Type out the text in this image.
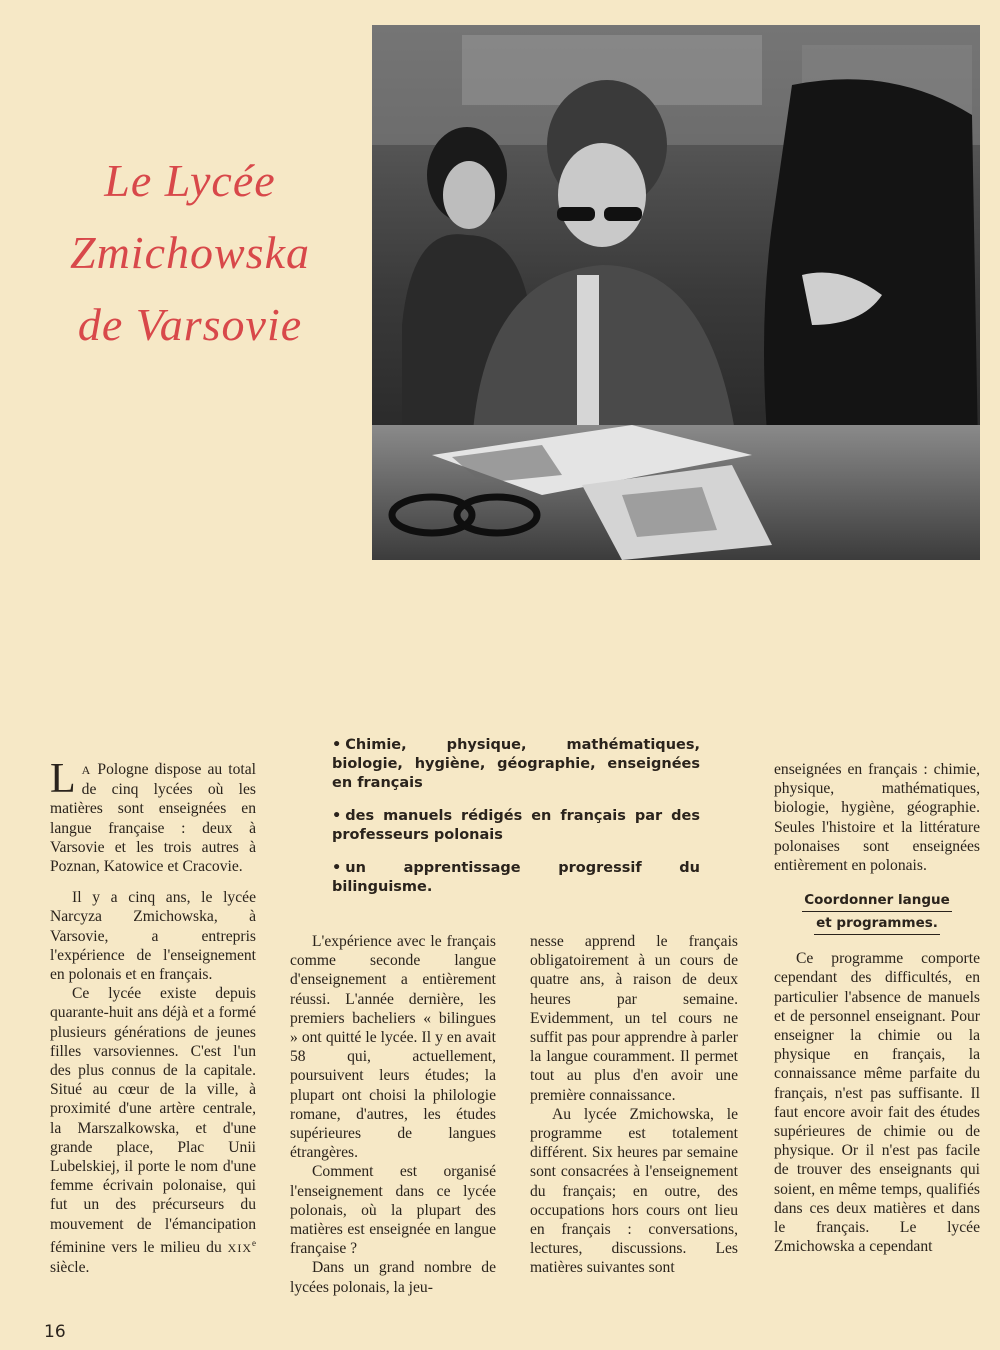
Le Lycée
Zmichowska
de Varsovie

L A Pologne dispose au total de cinq lycées où les matières sont enseignées en langue française : deux à Varsovie et les trois autres à Poznan, Katowice et Cracovie.

Il y a cinq ans, le lycée Narcyza Zmichowska, à Varsovie, a entrepris l'expérience de l'enseignement en polonais et en français.

Ce lycée existe depuis quarante-huit ans déjà et a formé plusieurs générations de jeunes filles varsoviennes. C'est l'un des plus connus de la capitale. Situé au cœur de la ville, à proximité d'une artère centrale, la Marszalkowska, et d'une grande place, Plac Unii Lubelskiej, il porte le nom d'une femme écrivain polonaise, qui fut un des précurseurs du mouvement de l'émancipation féminine vers le milieu du XIXe siècle.

• Chimie, physique, mathématiques, biologie, hygiène, géographie, enseignées en français
• des manuels rédigés en français par des professeurs polonais
• un apprentissage progressif du bilinguisme.

L'expérience avec le français comme seconde langue d'enseignement a entièrement réussi. L'année dernière, les premiers bacheliers « bilingues » ont quitté le lycée. Il y en avait 58 qui, actuellement, poursuivent leurs études; la plupart ont choisi la philologie romane, d'autres, les études supérieures de langues étrangères.

Comment est organisé l'enseignement dans ce lycée polonais, où la plupart des matières est enseignée en langue française ?

Dans un grand nombre de lycées polonais, la jeu-

nesse apprend le français obligatoirement à un cours de quatre ans, à raison de deux heures par semaine. Evidemment, un tel cours ne suffit pas pour apprendre à parler la langue couramment. Il permet tout au plus d'en avoir une première connaissance.

Au lycée Zmichowska, le programme est totalement différent. Six heures par semaine sont consacrées à l'enseignement du français; en outre, des occupations hors cours ont lieu en français : conversations, lectures, discussions. Les matières suivantes sont

enseignées en français : chimie, physique, mathématiques, biologie, hygiène, géographie. Seules l'histoire et la littérature polonaises sont enseignées entièrement en polonais.

Coordonner langue
et programmes.

Ce programme comporte cependant des difficultés, en particulier l'absence de manuels et de personnel enseignant. Pour enseigner la chimie ou la physique en français, la connaissance même parfaite du français, n'est pas suffisante. Il faut encore avoir fait des études supérieures de chimie ou de physique. Or il n'est pas facile de trouver des enseignants qui soient, en même temps, qualifiés dans ces deux matières et dans le français. Le lycée Zmichowska a cependant

16
